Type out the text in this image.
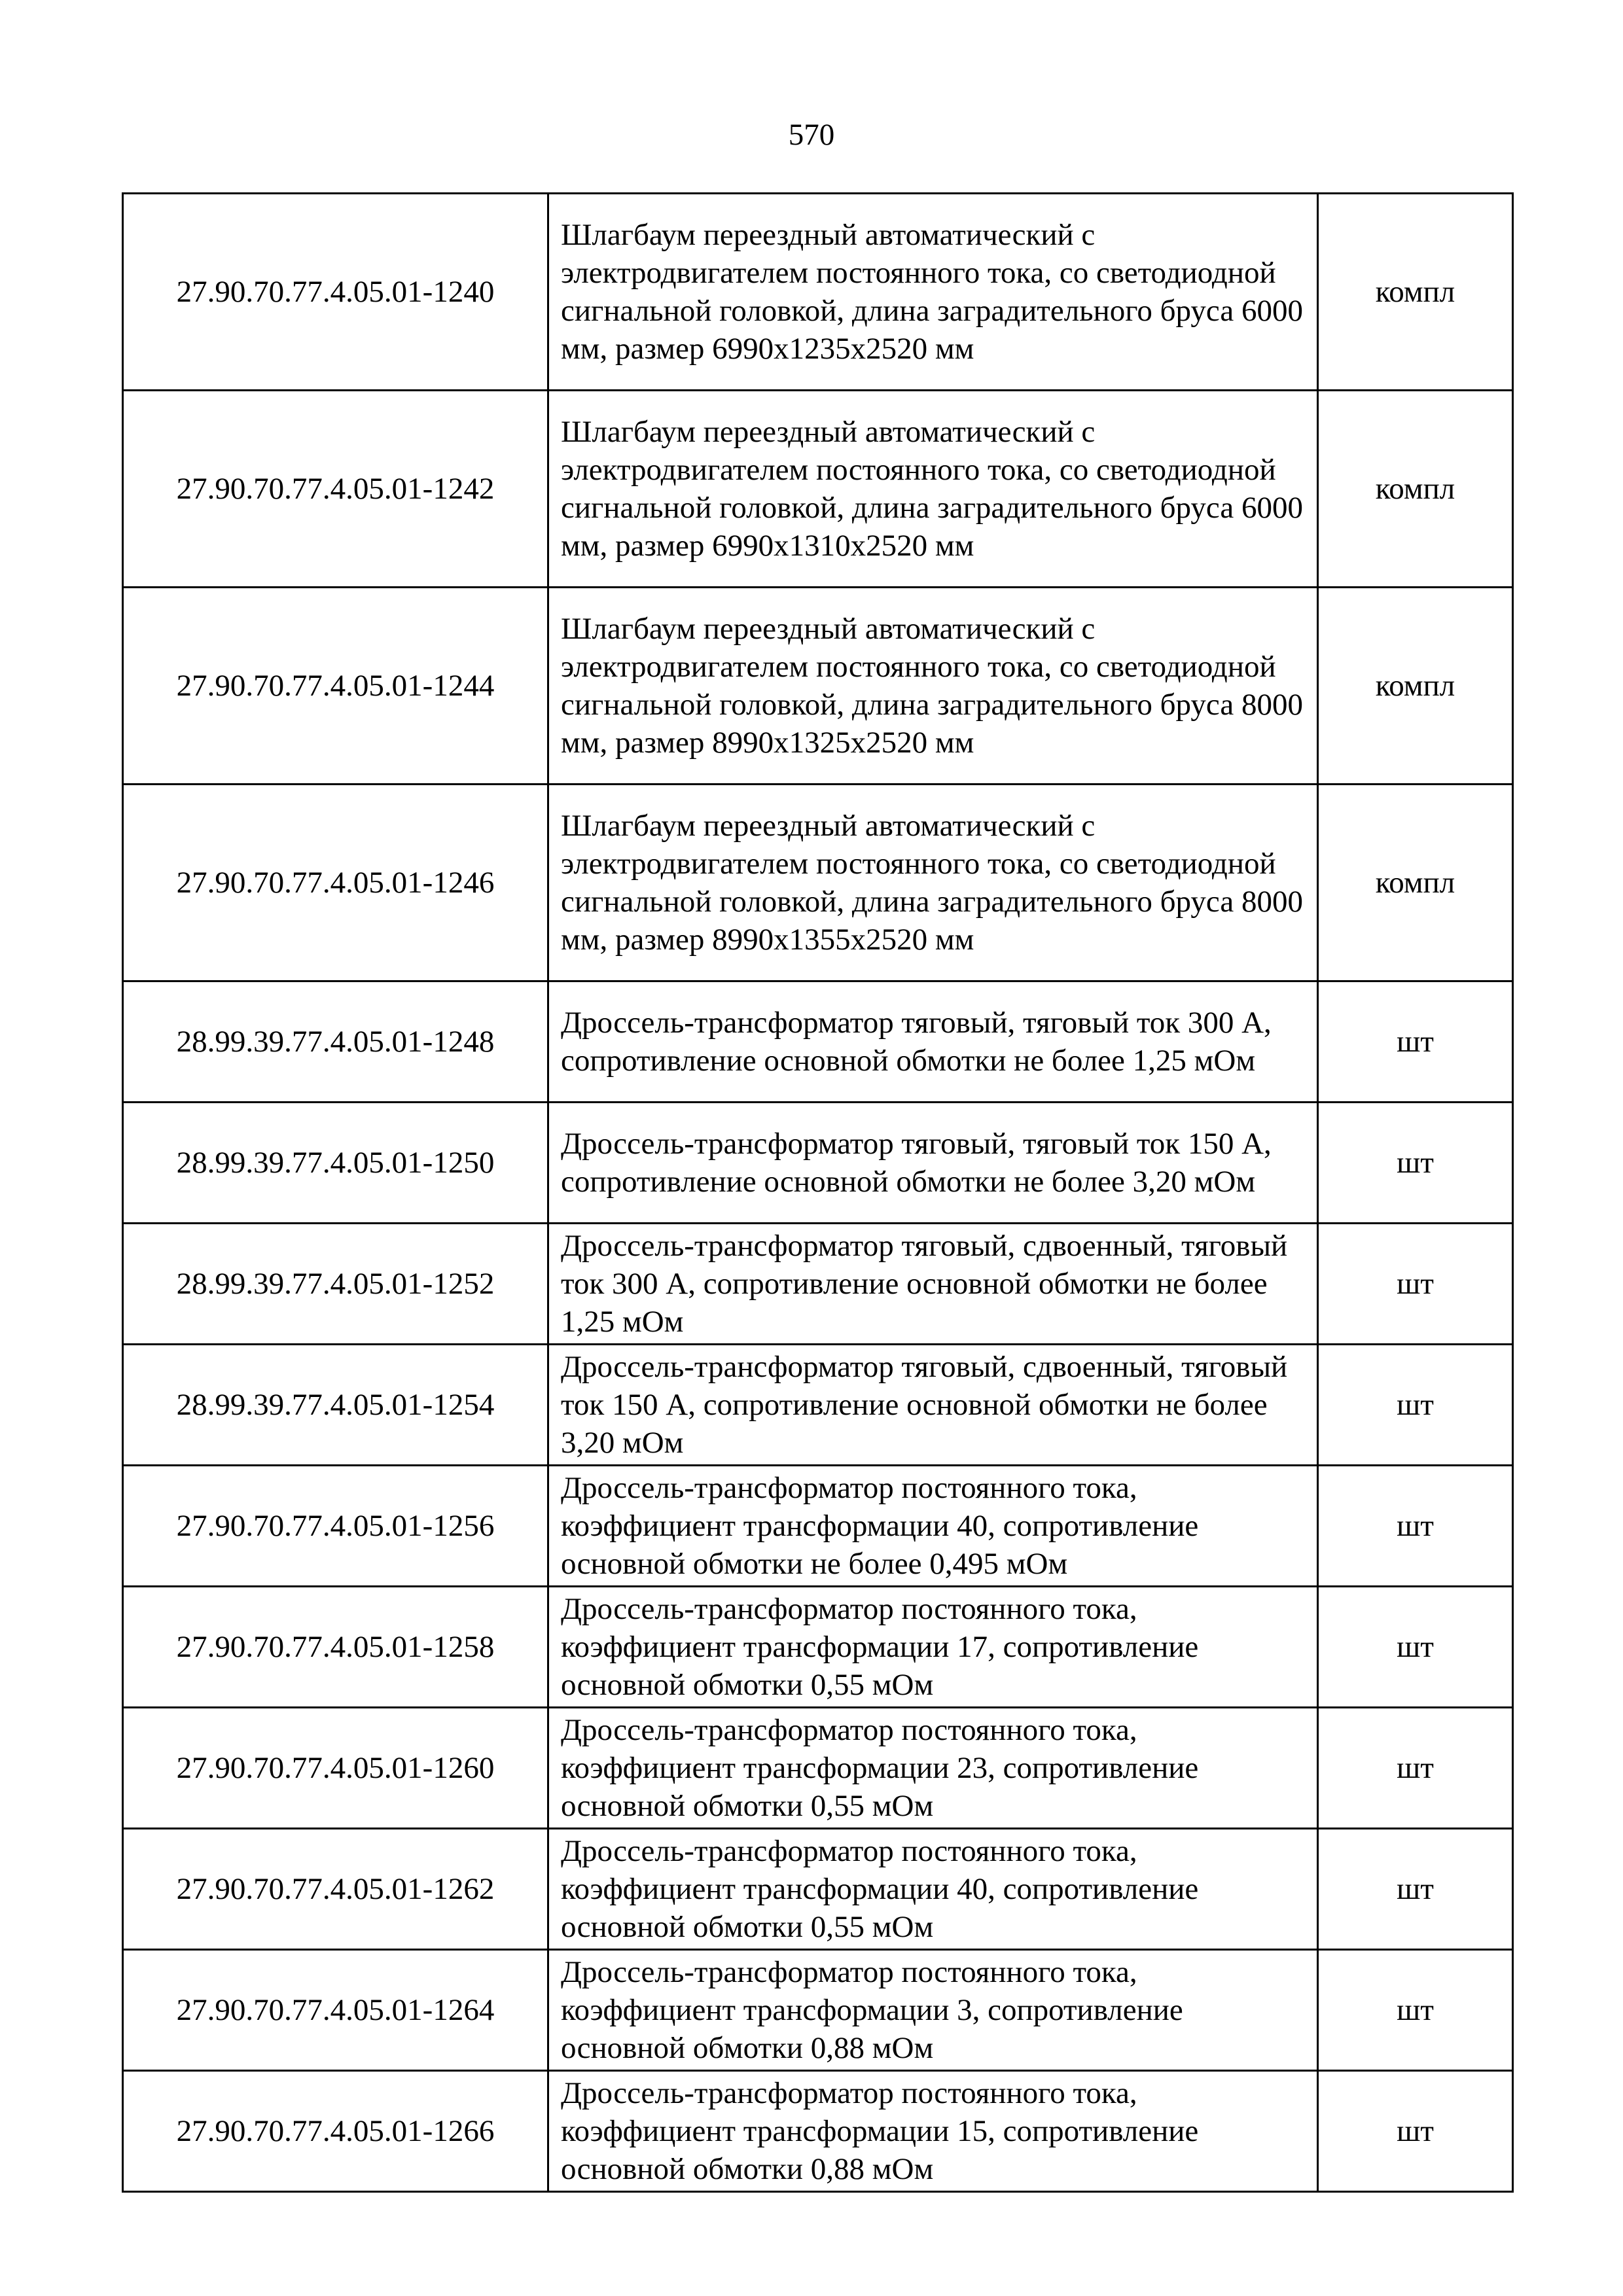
570
27.90.70.77.4.05.01-1240	Шлагбаум переездный автоматический с электродвигателем постоянного тока, со светодиодной сигнальной головкой, длина заградительного бруса 6000 мм, размер 6990x1235x2520 мм	компл
27.90.70.77.4.05.01-1242	Шлагбаум переездный автоматический с электродвигателем постоянного тока, со светодиодной сигнальной головкой, длина заградительного бруса 6000 мм, размер 6990x1310x2520 мм	компл
27.90.70.77.4.05.01-1244	Шлагбаум переездный автоматический с электродвигателем постоянного тока, со светодиодной сигнальной головкой, длина заградительного бруса 8000 мм, размер 8990x1325x2520 мм	компл
27.90.70.77.4.05.01-1246	Шлагбаум переездный автоматический с электродвигателем постоянного тока, со светодиодной сигнальной головкой, длина заградительного бруса 8000 мм, размер 8990x1355x2520 мм	компл
28.99.39.77.4.05.01-1248	Дроссель-трансформатор тяговый, тяговый ток 300 А, сопротивление основной обмотки не более 1,25 мОм	шт
28.99.39.77.4.05.01-1250	Дроссель-трансформатор тяговый, тяговый ток 150 А, сопротивление основной обмотки не более 3,20 мОм	шт
28.99.39.77.4.05.01-1252	Дроссель-трансформатор тяговый, сдвоенный, тяговый ток 300 А, сопротивление основной обмотки не более 1,25 мОм	шт
28.99.39.77.4.05.01-1254	Дроссель-трансформатор тяговый, сдвоенный, тяговый ток 150 А, сопротивление основной обмотки не более 3,20 мОм	шт
27.90.70.77.4.05.01-1256	Дроссель-трансформатор постоянного тока, коэффициент трансформации 40, сопротивление основной обмотки не более 0,495 мОм	шт
27.90.70.77.4.05.01-1258	Дроссель-трансформатор постоянного тока, коэффициент трансформации 17, сопротивление основной обмотки 0,55 мОм	шт
27.90.70.77.4.05.01-1260	Дроссель-трансформатор постоянного тока, коэффициент трансформации 23, сопротивление основной обмотки 0,55 мОм	шт
27.90.70.77.4.05.01-1262	Дроссель-трансформатор постоянного тока, коэффициент трансформации 40, сопротивление основной обмотки 0,55 мОм	шт
27.90.70.77.4.05.01-1264	Дроссель-трансформатор постоянного тока, коэффициент трансформации 3, сопротивление основной обмотки 0,88 мОм	шт
27.90.70.77.4.05.01-1266	Дроссель-трансформатор постоянного тока, коэффициент трансформации 15, сопротивление основной обмотки 0,88 мОм	шт
